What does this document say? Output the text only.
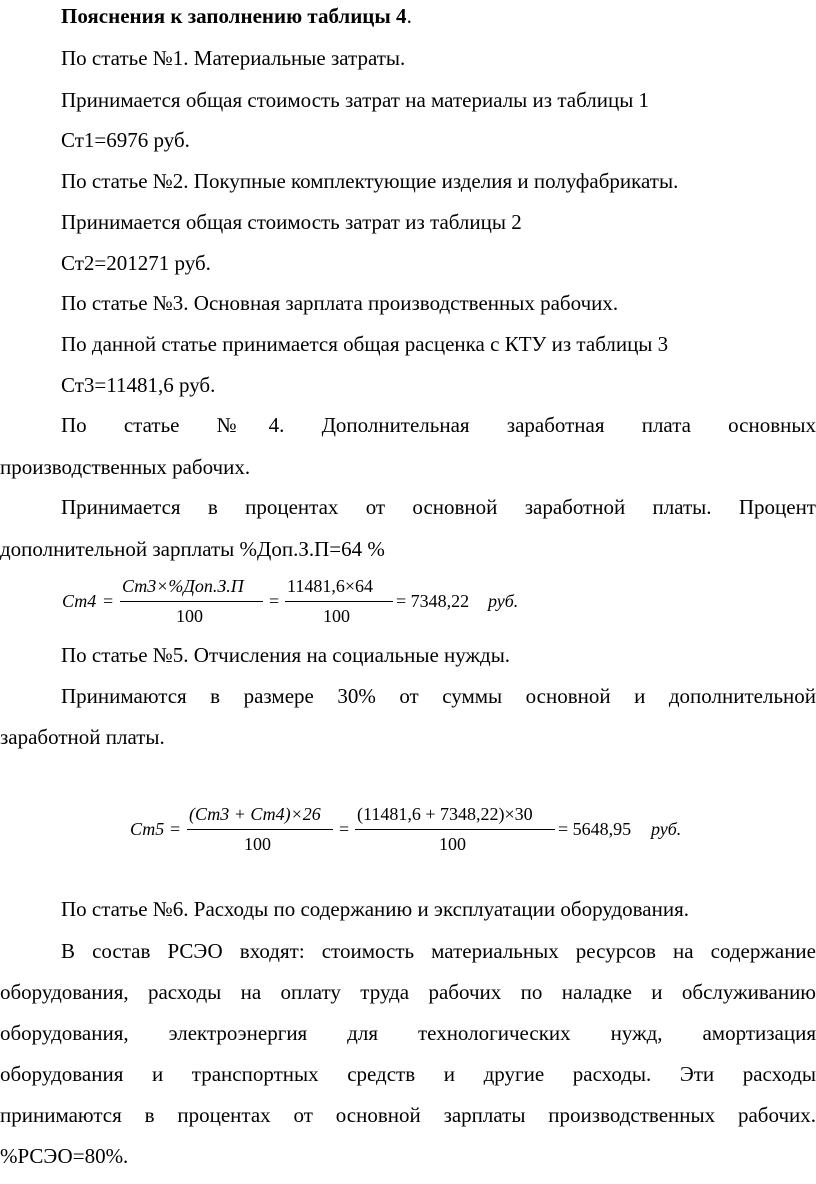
Пояснения к заполнению таблицы 4.
По статье №1. Материальные затраты.
Принимается общая стоимость затрат на материалы из таблицы 1
Ст1=6976 руб.
По статье №2. Покупные комплектующие изделия и полуфабрикаты.
Принимается общая стоимость затрат из таблицы 2
Ст2=201271 руб.
По статье №3. Основная зарплата производственных рабочих.
По данной статье принимается общая расценка с КТУ из таблицы 3
Ст3=11481,6 руб.
По статье №4. Дополнительная заработная плата основных
производственных рабочих.
Принимается в процентах от основной заработной платы. Процент
дополнительной зарплаты %Доп.З.П=64 %
Ст4 =
Ст3×%Доп.З.П
100
=
11481,6×64
100
= 7348,22 руб.
По статье №5. Отчисления на социальные нужды.
Принимаются в размере 30% от суммы основной и дополнительной
заработной платы.
Ст5 =
(Ст3 + Ст4)×26
100
=
(11481,6 + 7348,22)×30
100
= 5648,95 руб.
По статье №6. Расходы по содержанию и эксплуатации оборудования.
В состав РСЭО входят: стоимость материальных ресурсов на содержание
оборудования, расходы на оплату труда рабочих по наладке и обслуживанию
оборудования, электроэнергия для технологических нужд, амортизация
оборудования и транспортных средств и другие расходы. Эти расходы
принимаются в процентах от основной зарплаты производственных рабочих.
%РСЭО=80%.
